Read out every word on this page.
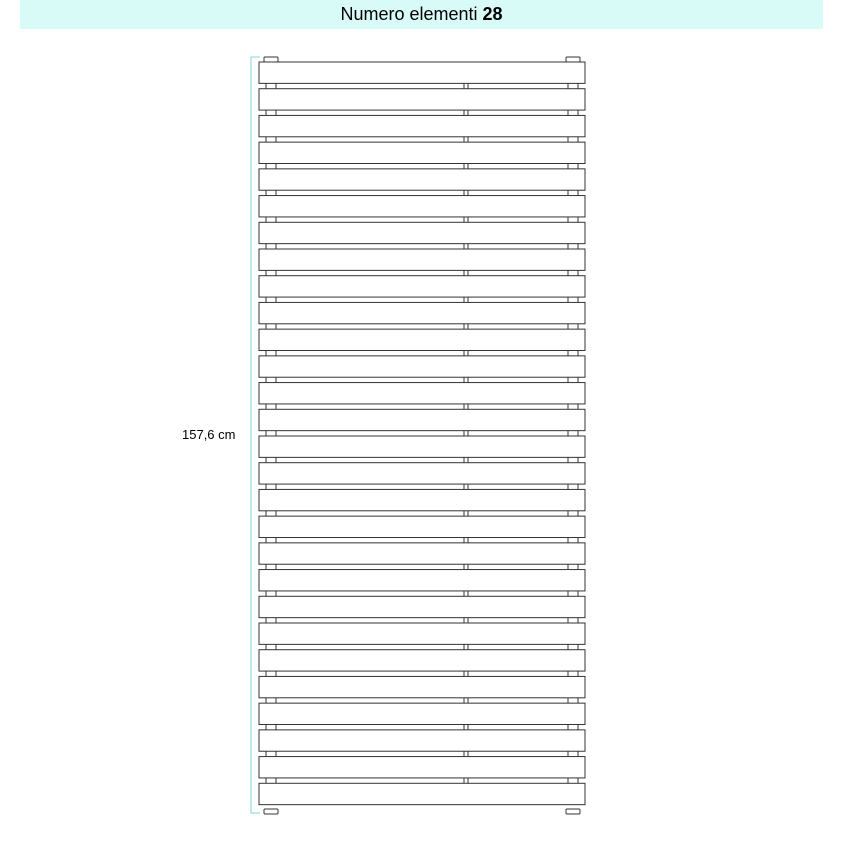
Numero elementi 28
157,6 cm
